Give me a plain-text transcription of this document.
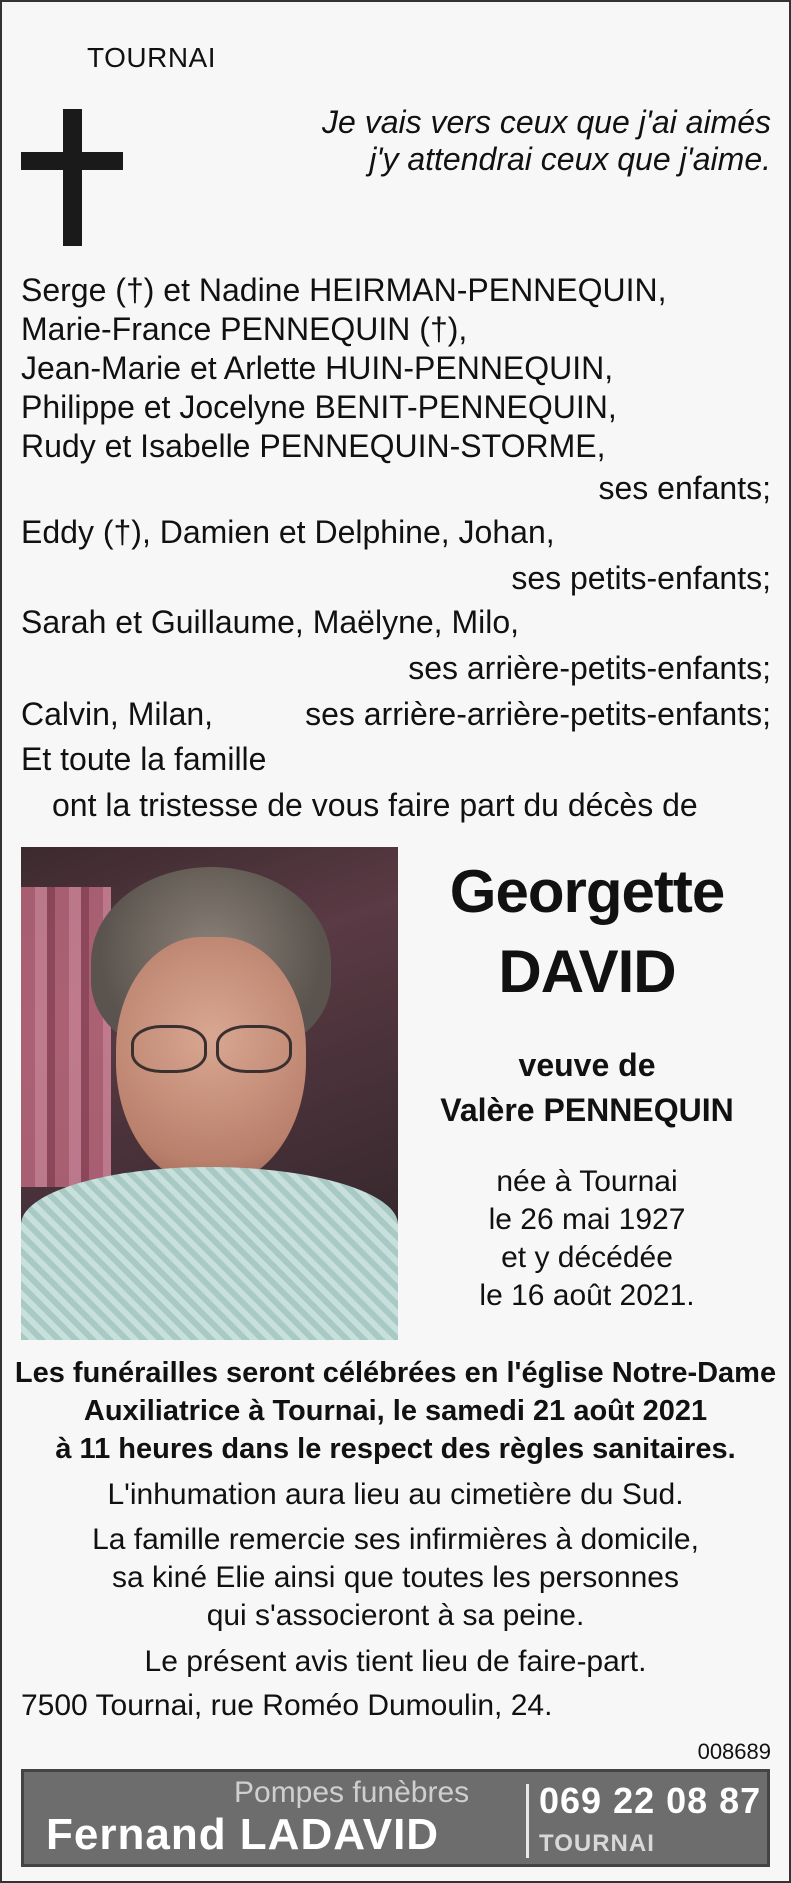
TOURNAI
Je vais vers ceux que j'ai aimés
j'y attendrai ceux que j'aime.
Serge (†) et Nadine HEIRMAN-PENNEQUIN,
Marie-France PENNEQUIN (†),
Jean-Marie et Arlette HUIN-PENNEQUIN,
Philippe et Jocelyne BENIT-PENNEQUIN,
Rudy et Isabelle PENNEQUIN-STORME,
ses enfants;
Eddy (†), Damien et Delphine, Johan,
ses petits-enfants;
Sarah et Guillaume, Maëlyne, Milo,
ses arrière-petits-enfants;
Calvin, Milan,	ses arrière-arrière-petits-enfants;
Et toute la famille
ont la tristesse de vous faire part du décès de
Georgette
DAVID
veuve de
Valère PENNEQUIN
née à Tournai
le 26 mai 1927
et y décédée
le 16 août 2021.
Les funérailles seront célébrées en l'église Notre-Dame
Auxiliatrice à Tournai, le samedi 21 août 2021
à 11 heures dans le respect des règles sanitaires.
L'inhumation aura lieu au cimetière du Sud.
La famille remercie ses infirmières à domicile,
sa kiné Elie ainsi que toutes les personnes
qui s'associeront à sa peine.
Le présent avis tient lieu de faire-part.
7500 Tournai, rue Roméo Dumoulin, 24.
008689
Pompes funèbres
Fernand LADAVID
069 22 08 87
TOURNAI
